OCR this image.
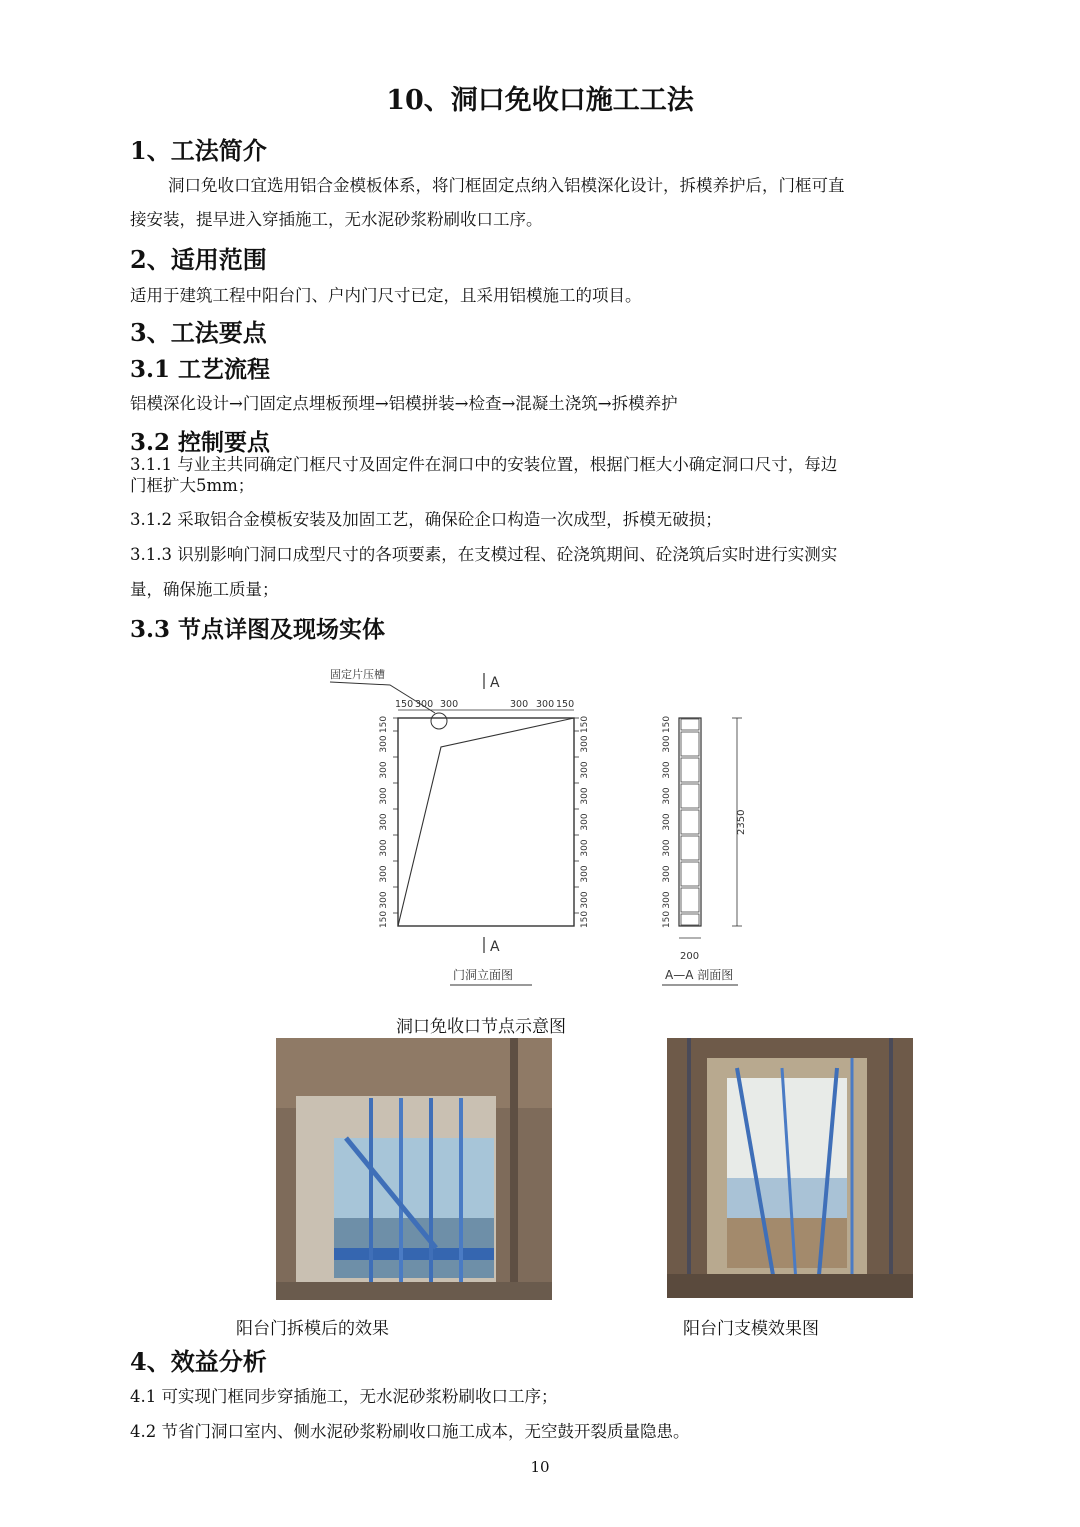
10、洞口免收口施工工法
1、工法简介
洞口免收口宜选用铝合金模板体系，将门框固定点纳入铝模深化设计，拆模养护后，门框可直
接安装，提早进入穿插施工，无水泥砂浆粉刷收口工序。
2、适用范围
适用于建筑工程中阳台门、户内门尺寸已定，且采用铝模施工的项目。
3、工法要点
3.1 工艺流程
铝模深化设计→门固定点埋板预埋→铝模拼装→检查→混凝土浇筑→拆模养护
3.2 控制要点
3.1.1 与业主共同确定门框尺寸及固定件在洞口中的安装位置，根据门框大小确定洞口尺寸，每边
门框扩大5mm；
3.1.2 采取铝合金模板安装及加固工艺，确保砼企口构造一次成型，拆模无破损；
3.1.3 识别影响门洞口成型尺寸的各项要素，在支模过程、砼浇筑期间、砼浇筑后实时进行实测实
量，确保施工质量；
3.3 节点详图及现场实体
固定片压槽
A
A
150 300 300	300 300 150
150	150	150
300	300	300
300	300	300
300	300	300
300	300	300
300	300	300
300	300	300
300	300	300
150	150	150
门洞立面图
2350
200
A—A 剖面图
洞口免收口节点示意图
阳台门拆模后的效果	阳台门支模效果图
4、效益分析
4.1 可实现门框同步穿插施工，无水泥砂浆粉刷收口工序；
4.2 节省门洞口室内、侧水泥砂浆粉刷收口施工成本，无空鼓开裂质量隐患。
10
